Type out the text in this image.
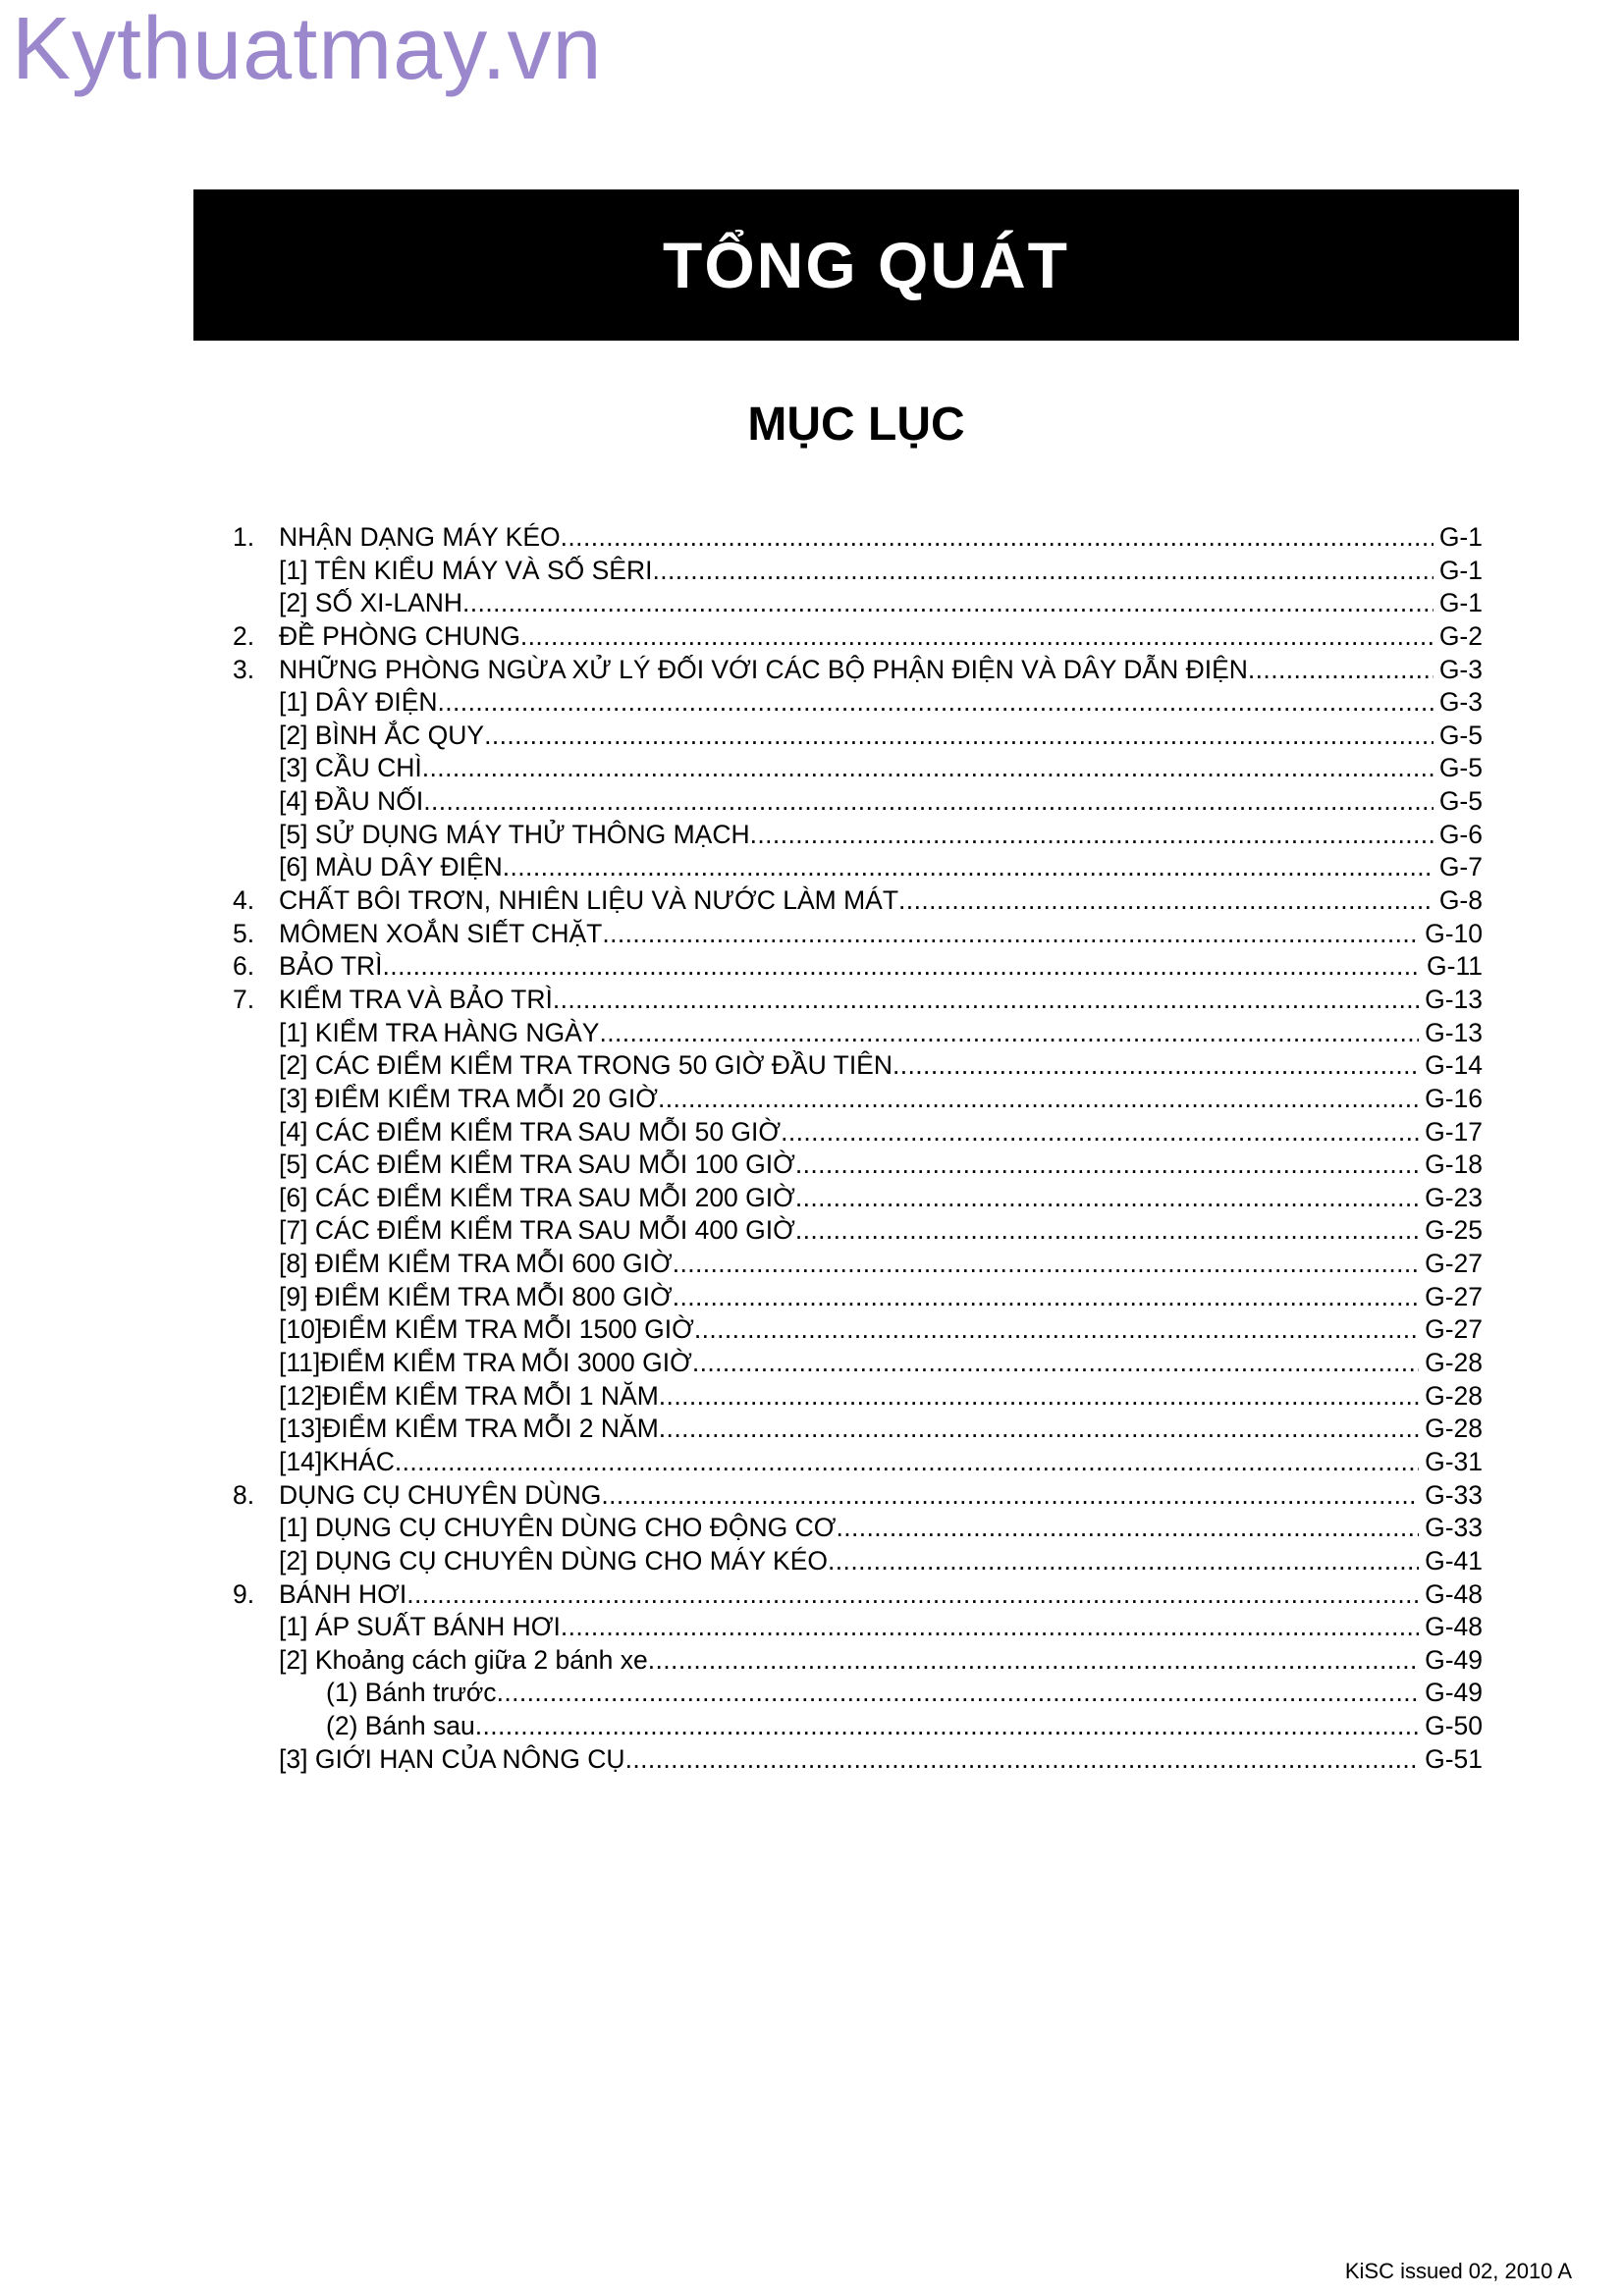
Kythuatmay.vn
TỔNG QUÁT
MỤC LỤC
1. NHẬN DẠNG MÁY KÉO .....	G-1
[1] TÊN KIỂU MÁY VÀ SỐ SÊRI .....	G-1
[2] SỐ XI-LANH .....	G-1
2. ĐỀ PHÒNG CHUNG .....	G-2
3. NHỮNG PHÒNG NGỪA XỬ LÝ ĐỐI VỚI CÁC BỘ PHẬN ĐIỆN VÀ DÂY DẪN ĐIỆN .....	G-3
[1] DÂY ĐIỆN .....	G-3
[2] BÌNH ẮC QUY .....	G-5
[3] CẦU CHÌ .....	G-5
[4] ĐẦU NỐI .....	G-5
[5] SỬ DỤNG MÁY THỬ THÔNG MẠCH .....	G-6
[6] MÀU DÂY ĐIỆN .....	G-7
4. CHẤT BÔI TRƠN, NHIÊN LIỆU VÀ NƯỚC LÀM MÁT .....	G-8
5. MÔMEN XOẮN SIẾT CHẶT .....	G-10
6. BẢO TRÌ .....	G-11
7. KIỂM TRA VÀ BẢO TRÌ .....	G-13
[1] KIỂM TRA HÀNG NGÀY .....	G-13
[2] CÁC ĐIỂM KIỂM TRA TRONG 50 GIỜ ĐẦU TIÊN .....	G-14
[3] ĐIỂM KIỂM TRA MỖI 20 GIỜ .....	G-16
[4] CÁC ĐIỂM KIỂM TRA SAU MỖI 50 GIỜ .....	G-17
[5] CÁC ĐIỂM KIỂM TRA SAU MỖI 100 GIỜ .....	G-18
[6] CÁC ĐIỂM KIỂM TRA SAU MỖI 200 GIỜ .....	G-23
[7] CÁC ĐIỂM KIỂM TRA SAU MỖI 400 GIỜ .....	G-25
[8] ĐIỂM KIỂM TRA MỖI 600 GIỜ .....	G-27
[9] ĐIỂM KIỂM TRA MỖI 800 GIỜ .....	G-27
[10]ĐIỂM KIỂM TRA MỖI 1500 GIỜ .....	G-27
[11]ĐIỂM KIỂM TRA MỖI 3000 GIỜ .....	G-28
[12]ĐIỂM KIỂM TRA MỖI 1 NĂM .....	G-28
[13]ĐIỂM KIỂM TRA MỖI 2 NĂM .....	G-28
[14]KHÁC .....	G-31
8. DỤNG CỤ CHUYÊN DÙNG .....	G-33
[1] DỤNG CỤ CHUYÊN DÙNG CHO ĐỘNG CƠ .....	G-33
[2] DỤNG CỤ CHUYÊN DÙNG CHO MÁY KÉO .....	G-41
9. BÁNH HƠI .....	G-48
[1] ÁP SUẤT BÁNH HƠI .....	G-48
[2] Khoảng cách giữa 2 bánh xe .....	G-49
(1) Bánh trước .....	G-49
(2) Bánh sau .....	G-50
[3] GIỚI HẠN CỦA NÔNG CỤ .....	G-51
KiSC issued 02, 2010 A
